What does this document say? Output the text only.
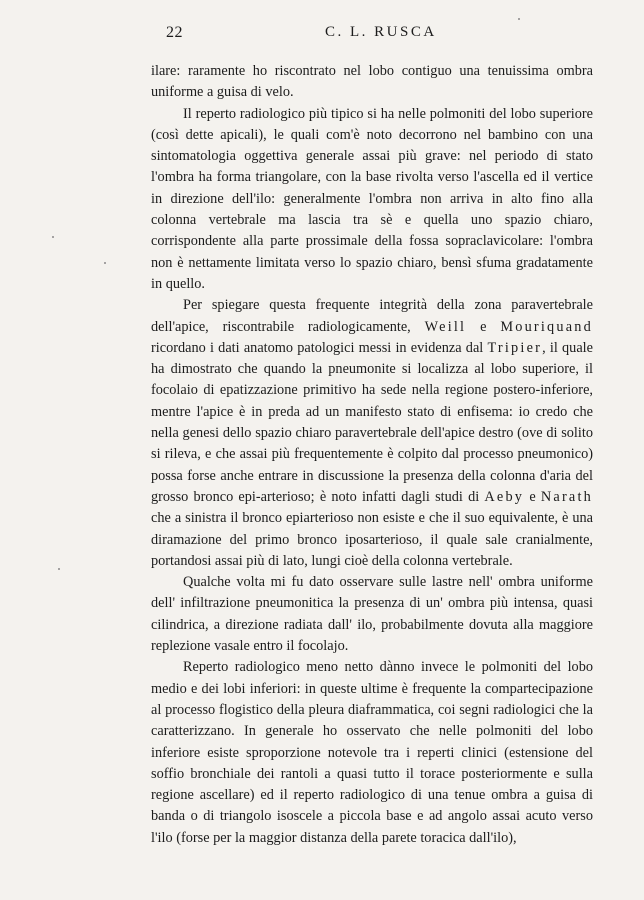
22	C. L. RUSCA

ilare: raramente ho riscontrato nel lobo contiguo una tenuissima ombra uniforme a guisa di velo.

Il reperto radiologico più tipico si ha nelle polmoniti del lobo superiore (così dette apicali), le quali com'è noto decorrono nel bambino con una sintomatologia oggettiva generale assai più grave: nel periodo di stato l'ombra ha forma triangolare, con la base rivolta verso l'ascella ed il vertice in direzione dell'ilo: generalmente l'ombra non arriva in alto fino alla colonna vertebrale ma lascia tra sè e quella uno spazio chiaro, corrispondente alla parte prossimale della fossa sopraclavicolare: l'ombra non è nettamente limitata verso lo spazio chiaro, bensì sfuma gradatamente in quello.

Per spiegare questa frequente integrità della zona paravertebrale dell'apice, riscontrabile radiologicamente, Weill e Mouriquand ricordano i dati anatomo patologici messi in evidenza dal Tripier, il quale ha dimostrato che quando la pneumonite si localizza al lobo superiore, il focolaio di epatizzazione primitivo ha sede nella regione postero-inferiore, mentre l'apice è in preda ad un manifesto stato di enfisema: io credo che nella genesi dello spazio chiaro paravertebrale dell'apice destro (ove di solito si rileva, e che assai più frequentemente è colpito dal processo pneumonico) possa forse anche entrare in discussione la presenza della colonna d'aria del grosso bronco epi-arterioso; è noto infatti dagli studi di Aeby e Narath che a sinistra il bronco epiarterioso non esiste e che il suo equivalente, è una diramazione del primo bronco iposarterioso, il quale sale cranialmente, portandosi assai più di lato, lungi cioè della colonna vertebrale.

Qualche volta mi fu dato osservare sulle lastre nell' ombra uniforme dell' infiltrazione pneumonitica la presenza di un' ombra più intensa, quasi cilindrica, a direzione radiata dall' ilo, probabilmente dovuta alla maggiore replezione vasale entro il focolajo.

Reperto radiologico meno netto dànno invece le polmoniti del lobo medio e dei lobi inferiori: in queste ultime è frequente la compartecipazione al processo flogistico della pleura diaframmatica, coi segni radiologici che la caratterizzano. In generale ho osservato che nelle polmoniti del lobo inferiore esiste sproporzione notevole tra i reperti clinici (estensione del soffio bronchiale dei rantoli a quasi tutto il torace posteriormente e sulla regione ascellare) ed il reperto radiologico di una tenue ombra a guisa di banda o di triangolo isoscele a piccola base e ad angolo assai acuto verso l'ilo (forse per la maggior distanza della parete toracica dall'ilo),
